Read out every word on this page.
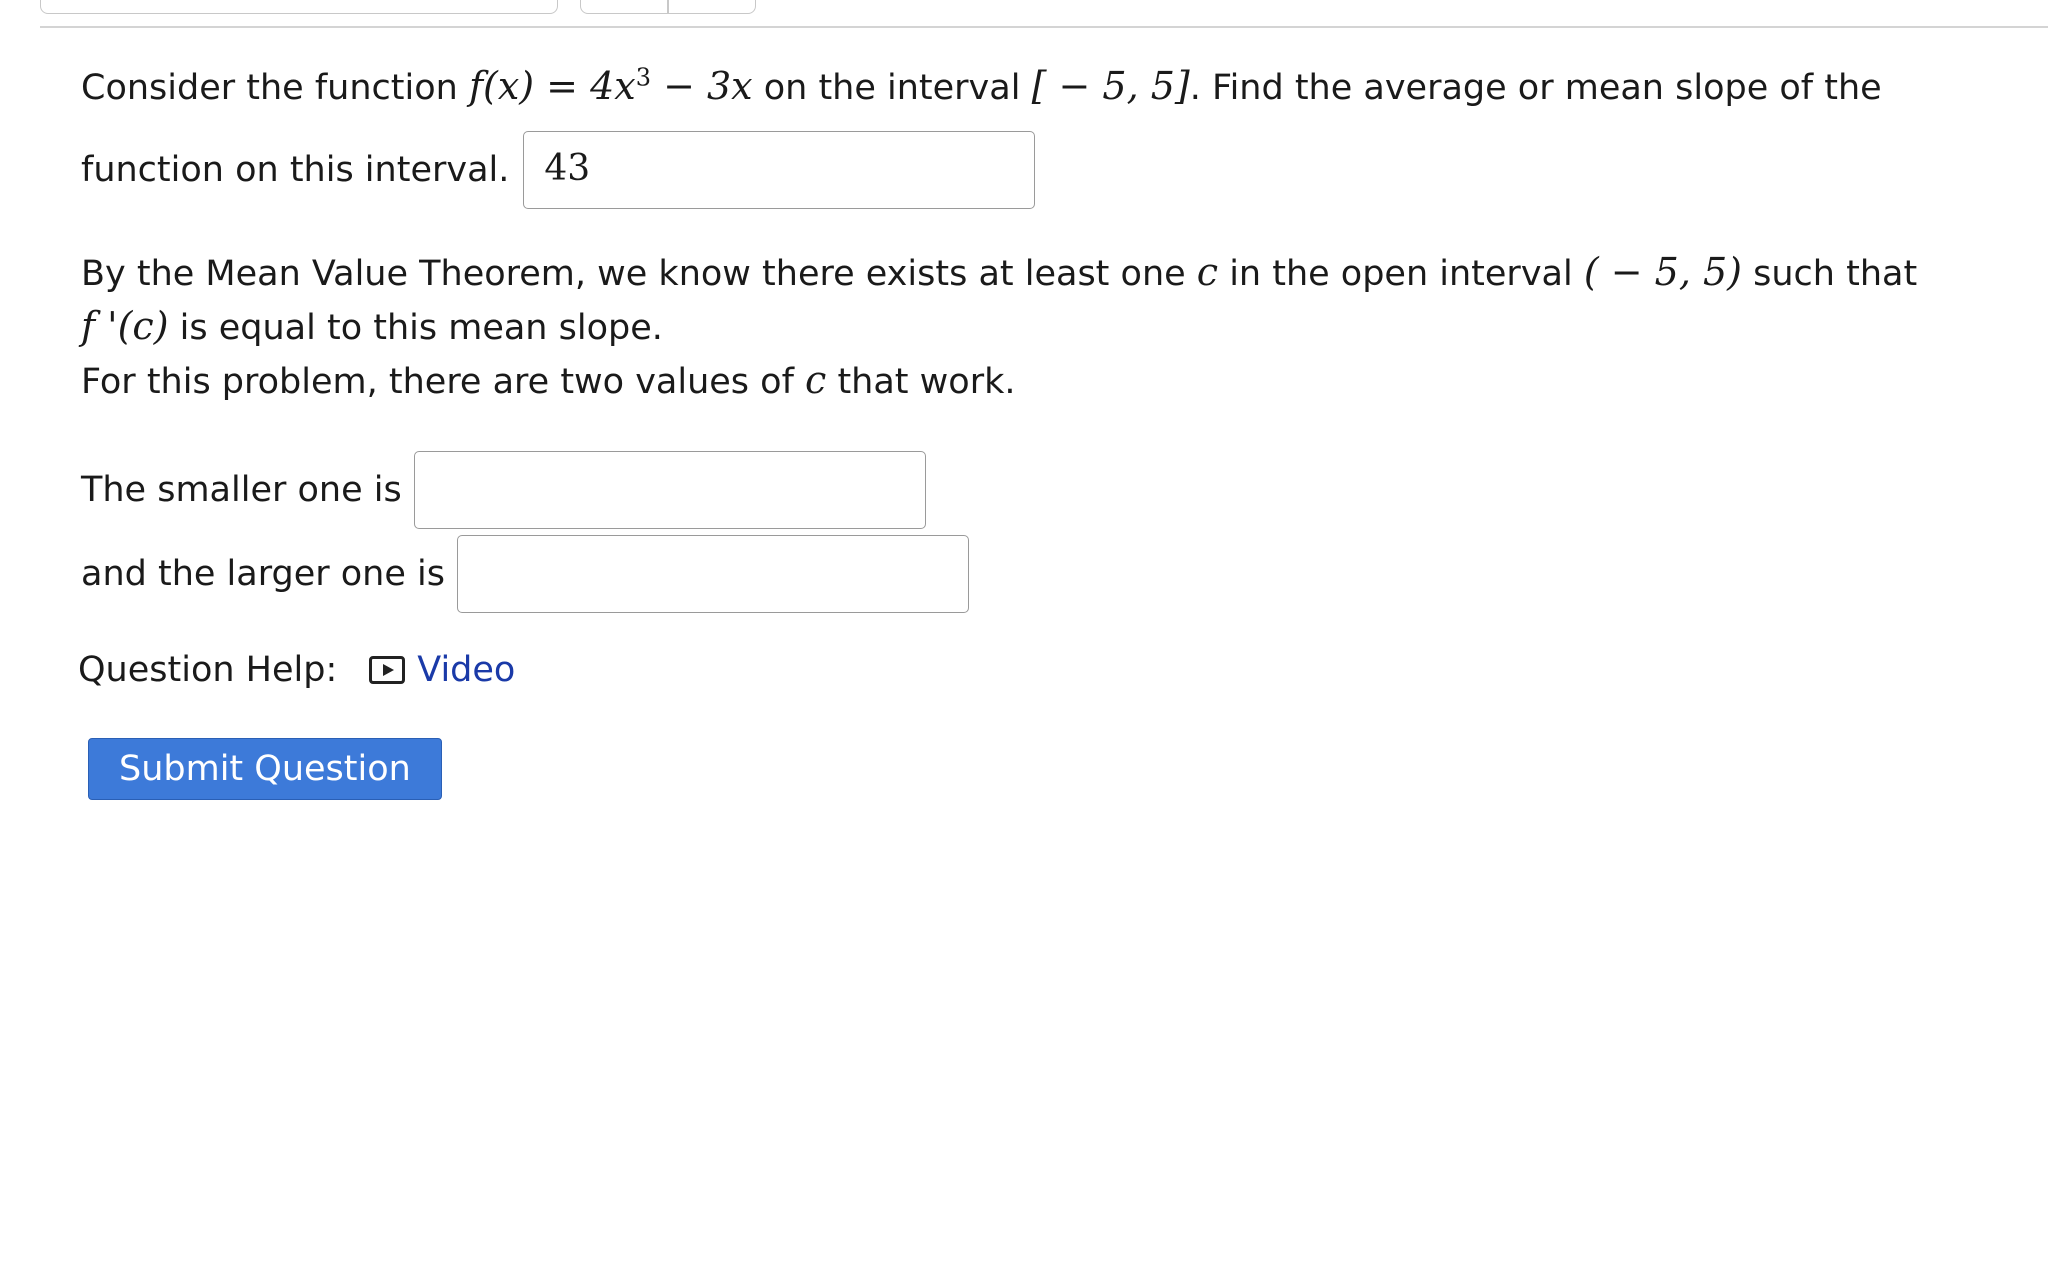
Consider the function $f(x) = 4x^3 - 3x$ on the interval [ − 5, 5]. Find the average or mean slope of the
function on this interval. 43

By the Mean Value Theorem, we know there exists at least one c in the open interval ( − 5, 5) such that

f '(c) is equal to this mean slope.

For this problem, there are two values of c that work.

The smaller one is
and the larger one is
Question Help: Video
Submit Question
